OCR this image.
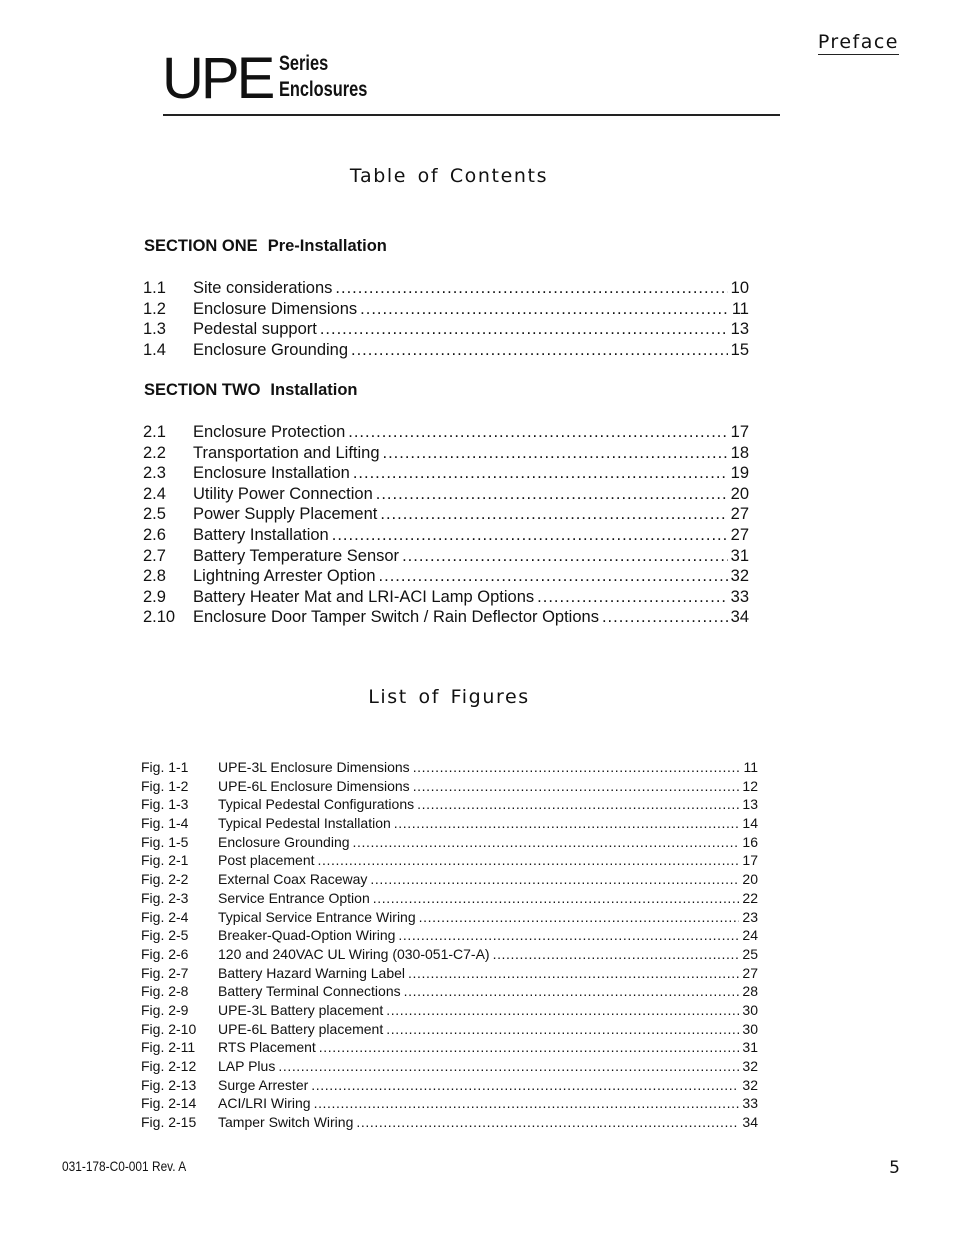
Preface
UPE Series
Enclosures
Table of Contents
SECTION ONE Pre-Installation
1.1	Site considerations .....	10
1.2	Enclosure Dimensions .....	11
1.3	Pedestal support .....	13
1.4	Enclosure Grounding .....	15
SECTION TWO Installation
2.1	Enclosure Protection .....	17
2.2	Transportation and Lifting .....	18
2.3	Enclosure Installation .....	19
2.4	Utility Power Connection .....	20
2.5	Power Supply Placement .....	27
2.6	Battery Installation .....	27
2.7	Battery Temperature Sensor .....	31
2.8	Lightning Arrester Option .....	32
2.9	Battery Heater Mat and LRI-ACI Lamp Options .....	33
2.10	Enclosure Door Tamper Switch / Rain Deflector Options .....	34
List of Figures
Fig. 1-1	UPE-3L Enclosure Dimensions .....	11
Fig. 1-2	UPE-6L Enclosure Dimensions .....	12
Fig. 1-3	Typical Pedestal Configurations .....	13
Fig. 1-4	Typical Pedestal Installation .....	14
Fig. 1-5	Enclosure Grounding .....	16
Fig. 2-1	Post placement .....	17
Fig. 2-2	External Coax Raceway .....	20
Fig. 2-3	Service Entrance Option .....	22
Fig. 2-4	Typical Service Entrance Wiring .....	23
Fig. 2-5	Breaker-Quad-Option Wiring .....	24
Fig. 2-6	120 and 240VAC UL Wiring (030-051-C7-A) .....	25
Fig. 2-7	Battery Hazard Warning Label .....	27
Fig. 2-8	Battery Terminal Connections .....	28
Fig. 2-9	UPE-3L Battery placement .....	30
Fig. 2-10	UPE-6L Battery placement .....	30
Fig. 2-11	RTS Placement .....	31
Fig. 2-12	LAP Plus .....	32
Fig. 2-13	Surge Arrester .....	32
Fig. 2-14	ACI/LRI Wiring .....	33
Fig. 2-15	Tamper Switch Wiring .....	34
031-178-C0-001 Rev. A	5
